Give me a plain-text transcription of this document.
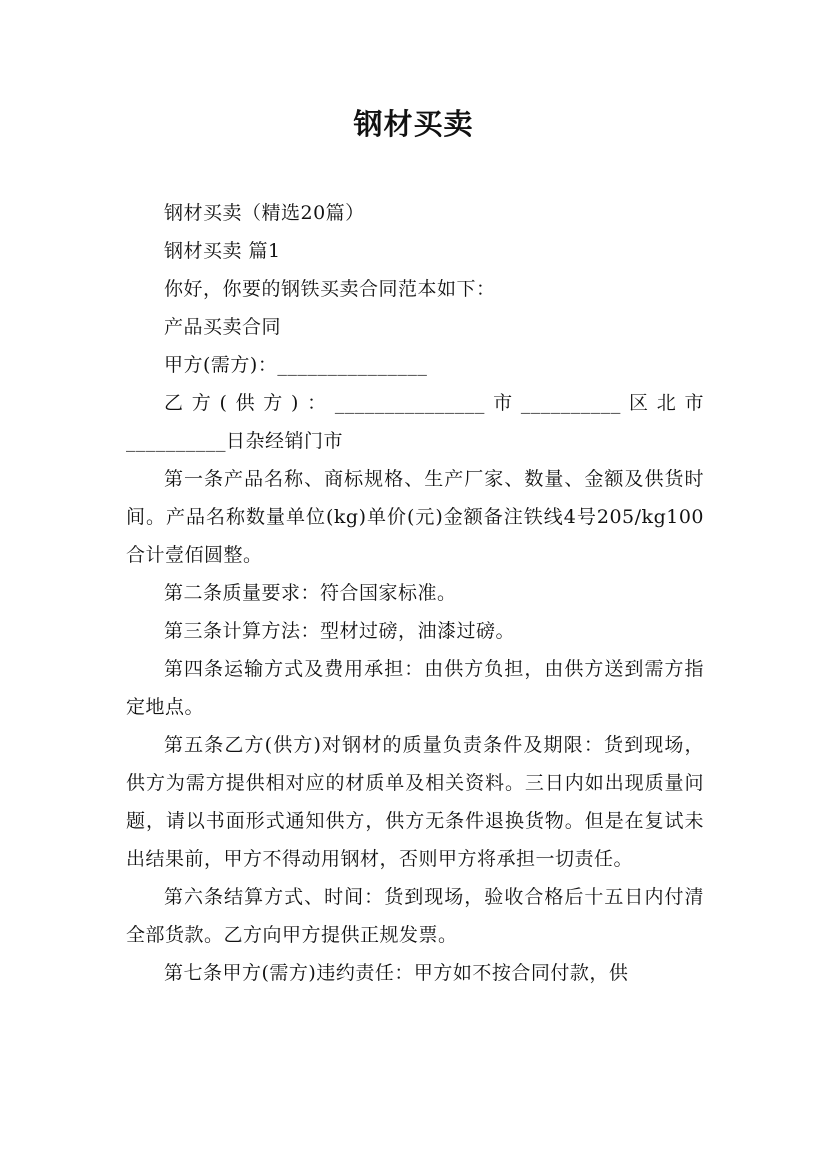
钢材买卖

钢材买卖（精选20篇）

钢材买卖 篇1

你好，你要的钢铁买卖合同范本如下：

产品买卖合同

甲方(需方)：_______________

乙方(供方)：_______________市__________区北市__________日杂经销门市

第一条产品名称、商标规格、生产厂家、数量、金额及供货时间。产品名称数量单位(kg)单价(元)金额备注铁线4号205/kg100合计壹佰圆整。

第二条质量要求：符合国家标准。

第三条计算方法：型材过磅，油漆过磅。

第四条运输方式及费用承担：由供方负担，由供方送到需方指定地点。

第五条乙方(供方)对钢材的质量负责条件及期限：货到现场，供方为需方提供相对应的材质单及相关资料。三日内如出现质量问题，请以书面形式通知供方，供方无条件退换货物。但是在复试未出结果前，甲方不得动用钢材，否则甲方将承担一切责任。

第六条结算方式、时间：货到现场，验收合格后十五日内付清全部货款。乙方向甲方提供正规发票。

第七条甲方(需方)违约责任：甲方如不按合同付款，供
